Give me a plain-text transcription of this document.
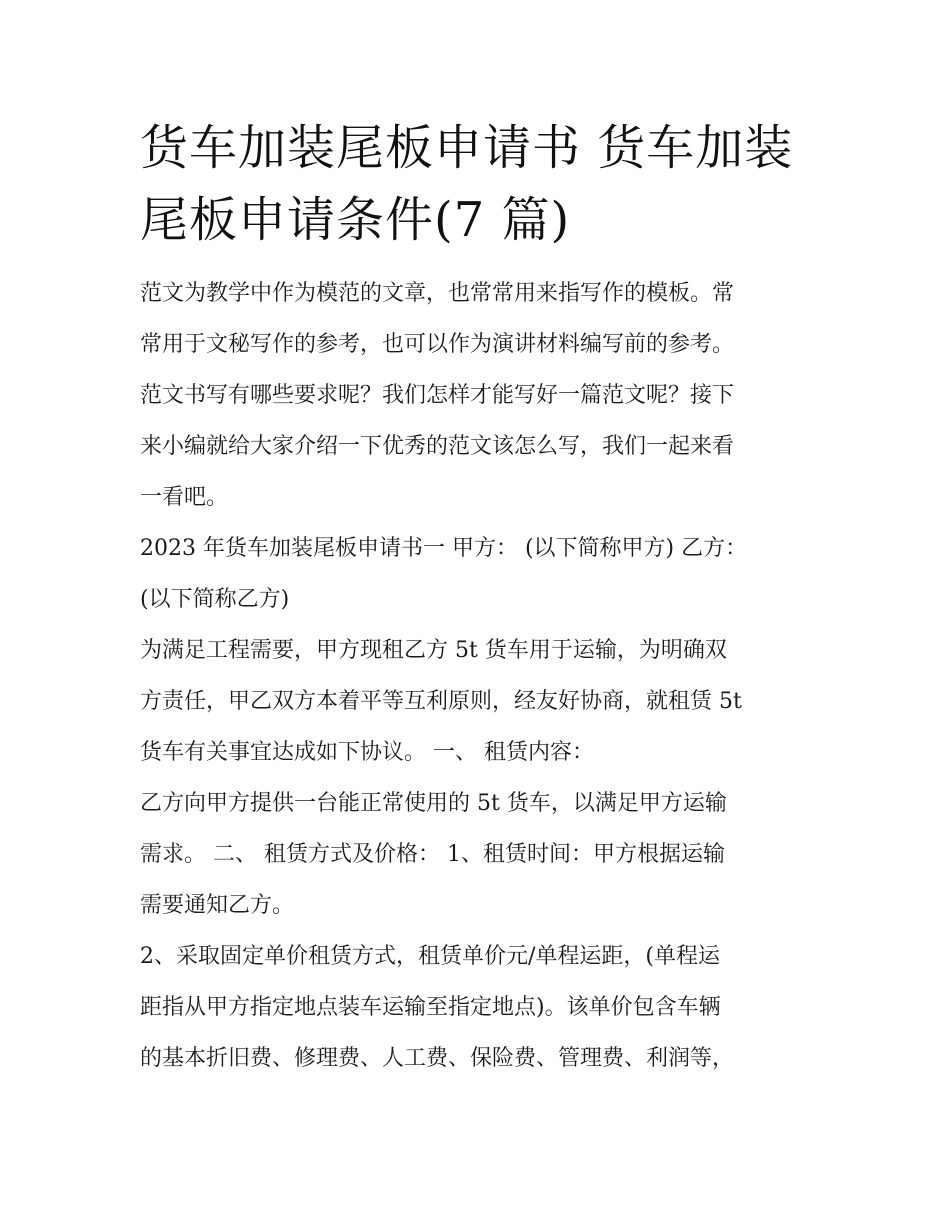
货车加装尾板申请书 货车加装
尾板申请条件(7 篇)
范文为教学中作为模范的文章，也常常用来指写作的模板。常
常用于文秘写作的参考，也可以作为演讲材料编写前的参考。
范文书写有哪些要求呢？我们怎样才能写好一篇范文呢？接下
来小编就给大家介绍一下优秀的范文该怎么写，我们一起来看
一看吧。
2023 年货车加装尾板申请书一 甲方： (以下简称甲方) 乙方：
(以下简称乙方)
为满足工程需要，甲方现租乙方 5t 货车用于运输，为明确双
方责任，甲乙双方本着平等互利原则，经友好协商，就租赁 5t
货车有关事宜达成如下协议。 一、 租赁内容：
乙方向甲方提供一台能正常使用的 5t 货车，以满足甲方运输
需求。 二、 租赁方式及价格： 1、租赁时间：甲方根据运输
需要通知乙方。
2、采取固定单价租赁方式，租赁单价元/单程运距，(单程运
距指从甲方指定地点装车运输至指定地点)。该单价包含车辆
的基本折旧费、修理费、人工费、保险费、管理费、利润等，
